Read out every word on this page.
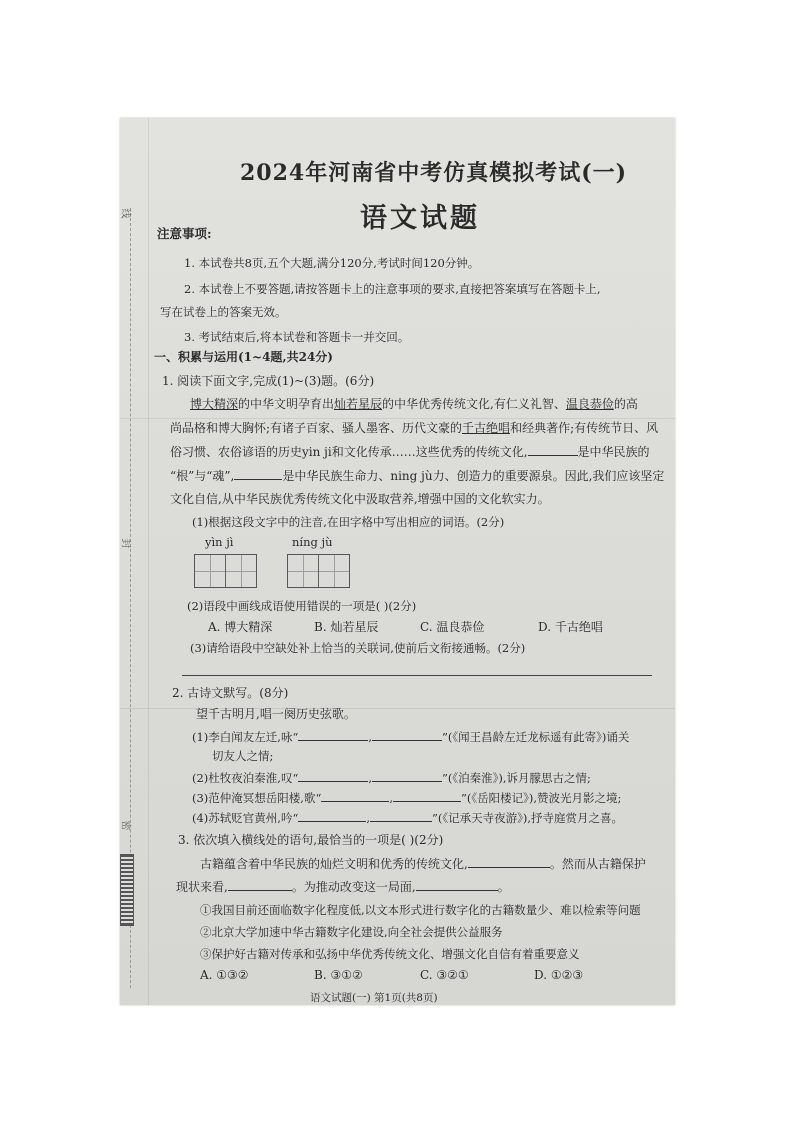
线
封
密
2024年河南省中考仿真模拟考试(一)
语文试题
注意事项:
1. 本试卷共8页,五个大题,满分120分,考试时间120分钟。
2. 本试卷上不要答题,请按答题卡上的注意事项的要求,直接把答案填写在答题卡上,
写在试卷上的答案无效。
3. 考试结束后,将本试卷和答题卡一并交回。
一、积累与运用(1~4题,共24分)
1. 阅读下面文字,完成(1)~(3)题。(6分)
博大精深的中华文明孕育出灿若星辰的中华优秀传统文化,有仁义礼智、温良恭俭的高
尚品格和博大胸怀;有诸子百家、骚人墨客、历代文豪的千古绝唱和经典著作;有传统节日、风
俗习惯、农俗谚语的历史yin ji和文化传承……这些优秀的传统文化,	是中华民族的
“根”与“魂”,	是中华民族生命力、ning jù力、创造力的重要源泉。因此,我们应该坚定
文化自信,从中华民族优秀传统文化中汲取营养,增强中国的文化软实力。
(1)根据这段文字中的注音,在田字格中写出相应的词语。(2分)
yìn jì	níng jù
(2)语段中画线成语使用错误的一项是( )(2分)
A. 博大精深	B. 灿若星辰	C. 温良恭俭	D. 千古绝唱
(3)请给语段中空缺处补上恰当的关联词,使前后文衔接通畅。(2分)
2. 古诗文默写。(8分)
望千古明月,唱一阕历史弦歌。
(1)李白闻友左迁,咏“	,	”(《闻王昌龄左迁龙标遥有此寄》)诵关
切友人之情;
(2)杜牧夜泊秦淮,叹“	,	”(《泊秦淮》),诉月朦思古之情;
(3)范仲淹冥想岳阳楼,歌“	,	”(《岳阳楼记》),赞波光月影之境;
(4)苏轼贬官黄州,吟“	,	”(《记承天寺夜游》),抒寺庭赏月之喜。
3. 依次填入横线处的语句,最恰当的一项是( )(2分)
古籍蕴含着中华民族的灿烂文明和优秀的传统文化,	。然而从古籍保护
现状来看,	。为推动改变这一局面,	。
①我国目前还面临数字化程度低,以文本形式进行数字化的古籍数量少、难以检索等问题
②北京大学加速中华古籍数字化建设,向全社会提供公益服务
③保护好古籍对传承和弘扬中华优秀传统文化、增强文化自信有着重要意义
A. ①③②	B. ③①②	C. ③②①	D. ①②③
语文试题(一) 第1页(共8页)
